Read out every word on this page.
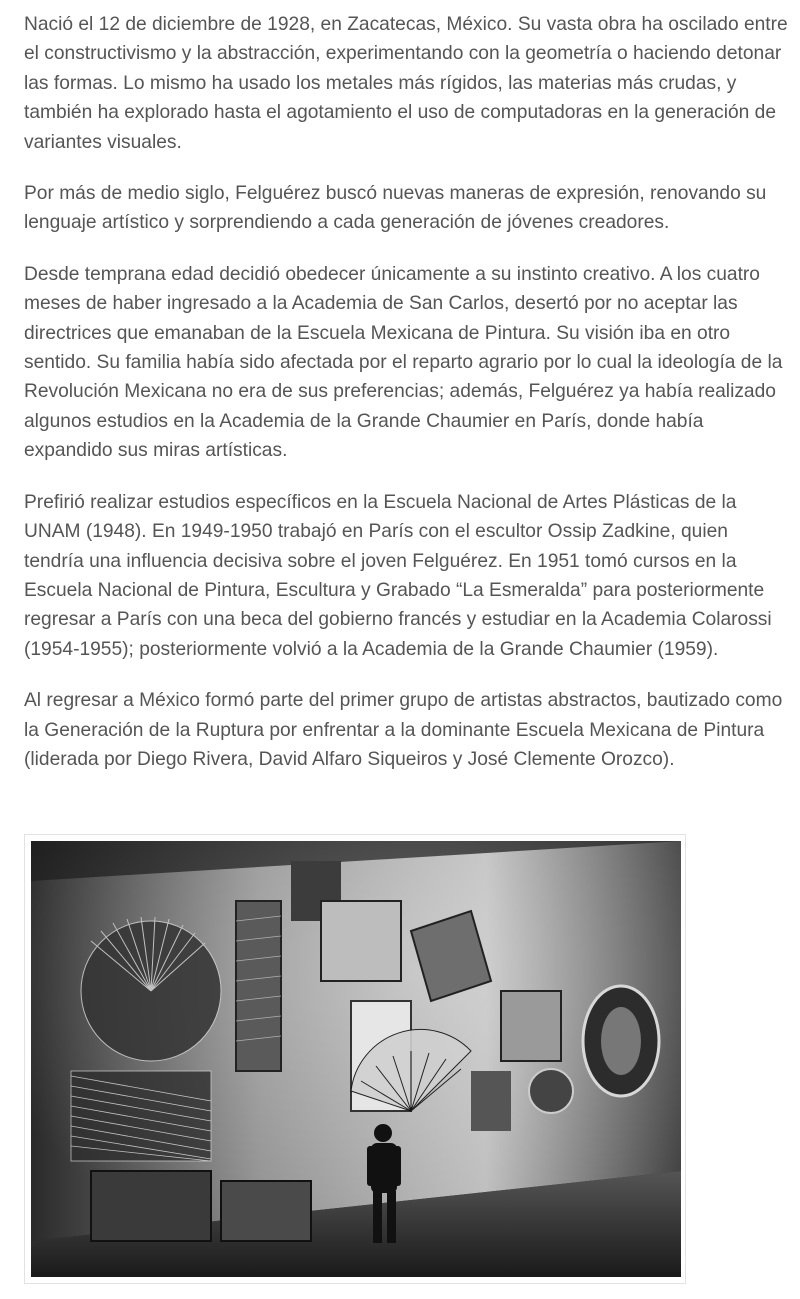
Nació el 12 de diciembre de 1928, en Zacatecas, México. Su vasta obra ha oscilado entre el constructivismo y la abstracción, experimentando con la geometría o haciendo detonar las formas. Lo mismo ha usado los metales más rígidos, las materias más crudas, y también ha explorado hasta el agotamiento el uso de computadoras en la generación de variantes visuales.

Por más de medio siglo, Felguérez buscó nuevas maneras de expresión, renovando su lenguaje artístico y sorprendiendo a cada generación de jóvenes creadores.

Desde temprana edad decidió obedecer únicamente a su instinto creativo. A los cuatro meses de haber ingresado a la Academia de San Carlos, desertó por no aceptar las directrices que emanaban de la Escuela Mexicana de Pintura. Su visión iba en otro sentido. Su familia había sido afectada por el reparto agrario por lo cual la ideología de la Revolución Mexicana no era de sus preferencias; además, Felguérez ya había realizado algunos estudios en la Academia de la Grande Chaumier en París, donde había expandido sus miras artísticas.

Prefirió realizar estudios específicos en la Escuela Nacional de Artes Plásticas de la UNAM (1948). En 1949-1950 trabajó en París con el escultor Ossip Zadkine, quien tendría una influencia decisiva sobre el joven Felguérez. En 1951 tomó cursos en la Escuela Nacional de Pintura, Escultura y Grabado “La Esmeralda” para posteriormente regresar a París con una beca del gobierno francés y estudiar en la Academia Colarossi (1954-1955); posteriormente volvió a la Academia de la Grande Chaumier (1959).

Al regresar a México formó parte del primer grupo de artistas abstractos, bautizado como la Generación de la Ruptura por enfrentar a la dominante Escuela Mexicana de Pintura (liderada por Diego Rivera, David Alfaro Siqueiros y José Clemente Orozco).
